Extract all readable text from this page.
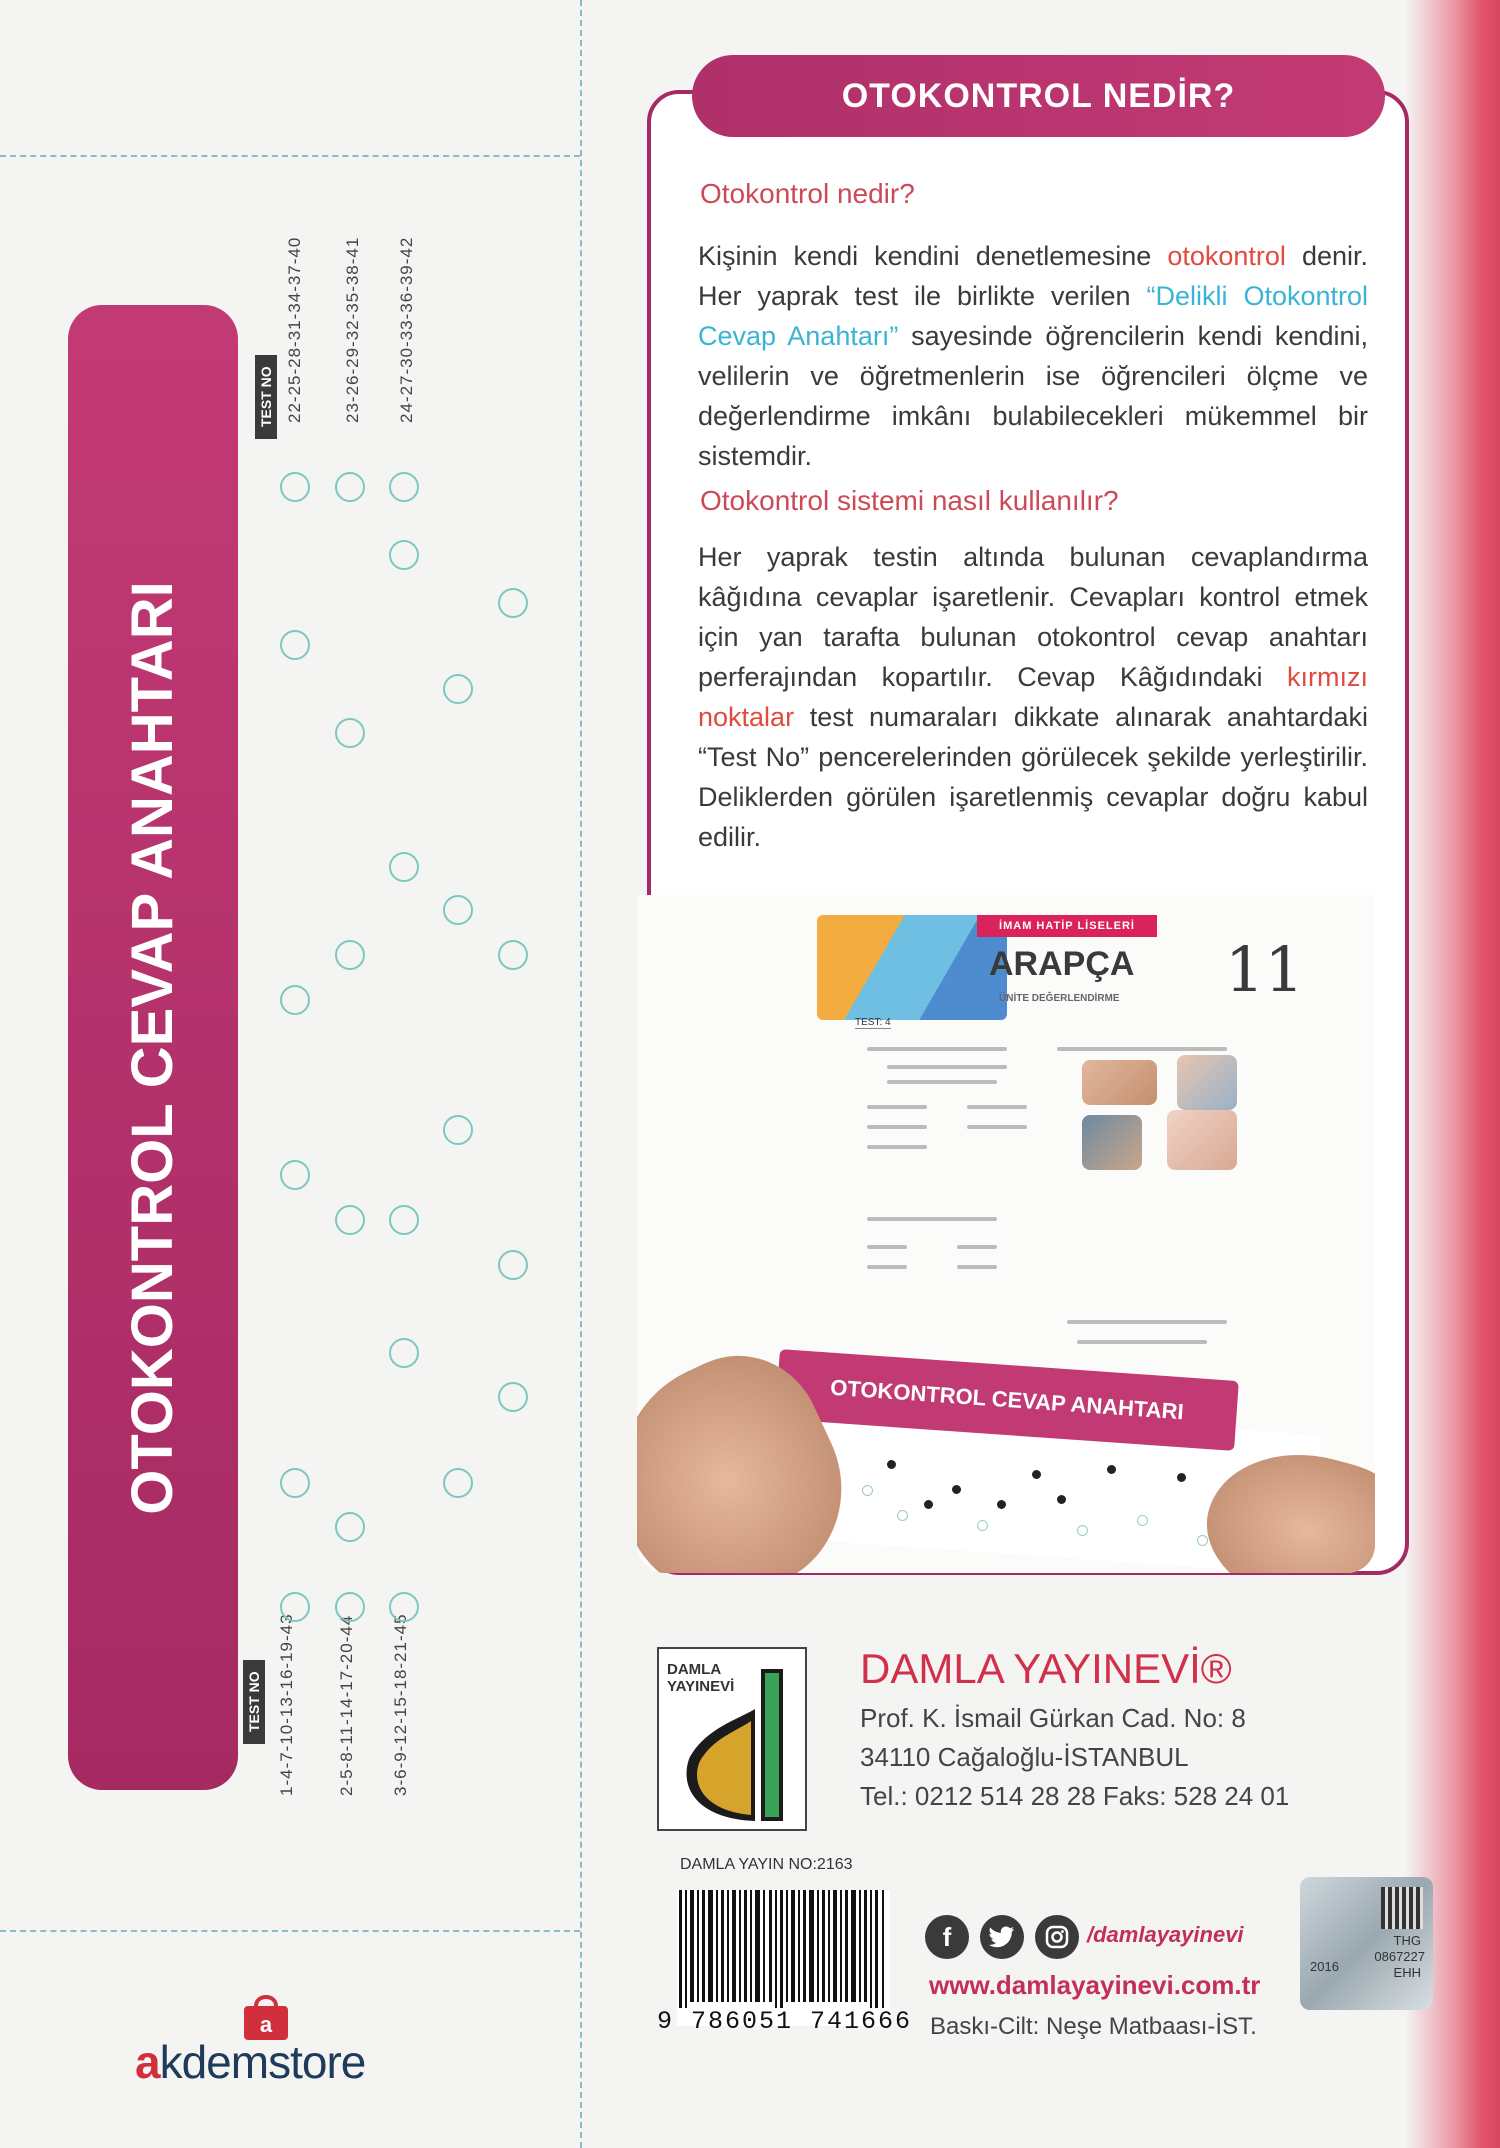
OTOKONTROL CEVAP ANAHTARI
TEST NO 22-25-28-31-34-37-40 23-26-29-32-35-38-41 24-27-30-33-36-39-42
TEST NO 1-4-7-10-13-16-19-43 2-5-8-11-14-17-20-44 3-6-9-12-15-18-21-45
OTOKONTROL NEDİR?
Otokontrol nedir?
Kişinin kendi kendini denetlemesine otokontrol denir. Her yaprak test ile birlikte verilen “Delikli Otokontrol Cevap Anahtarı” sayesinde öğrencilerin kendi kendini, velilerin ve öğretmenlerin ise öğrencileri ölçme ve değerlendirme imkânı bulabilecekleri mükemmel bir sistemdir.
Otokontrol sistemi nasıl kullanılır?
Her yaprak testin altında bulunan cevaplandırma kâğıdına cevaplar işaretlenir. Cevapları kontrol etmek için yan tarafta bulunan otokontrol cevap anahtarı perferajından kopartılır. Cevap Kâğıdındaki kırmızı noktalar test numaraları dikkate alınarak anahtardaki “Test No” pencerelerinden görülecek şekilde yerleştirilir. Deliklerden görülen işaretlenmiş cevaplar doğru kabul edilir.
İMAM HATİP LİSELERİ
ARAPÇA
ÜNİTE DEĞERLENDİRME 11
TEST: 4
OTOKONTROL CEVAP ANAHTARI
DAMLA
YAYINEVİ	DAMLA YAYINEVİ®
Prof. K. İsmail Gürkan Cad. No: 8
34110 Cağaloğlu-İSTANBUL
Tel.: 0212 514 28 28 Faks: 528 24 01
DAMLA YAYIN NO:2163
9 786051 741666
f	/damlayayinevi
www.damlayayinevi.com.tr
Baskı-Cilt: Neşe Matbaası-İST.
THG
0867227
2016	EHH
a
akdemstore
